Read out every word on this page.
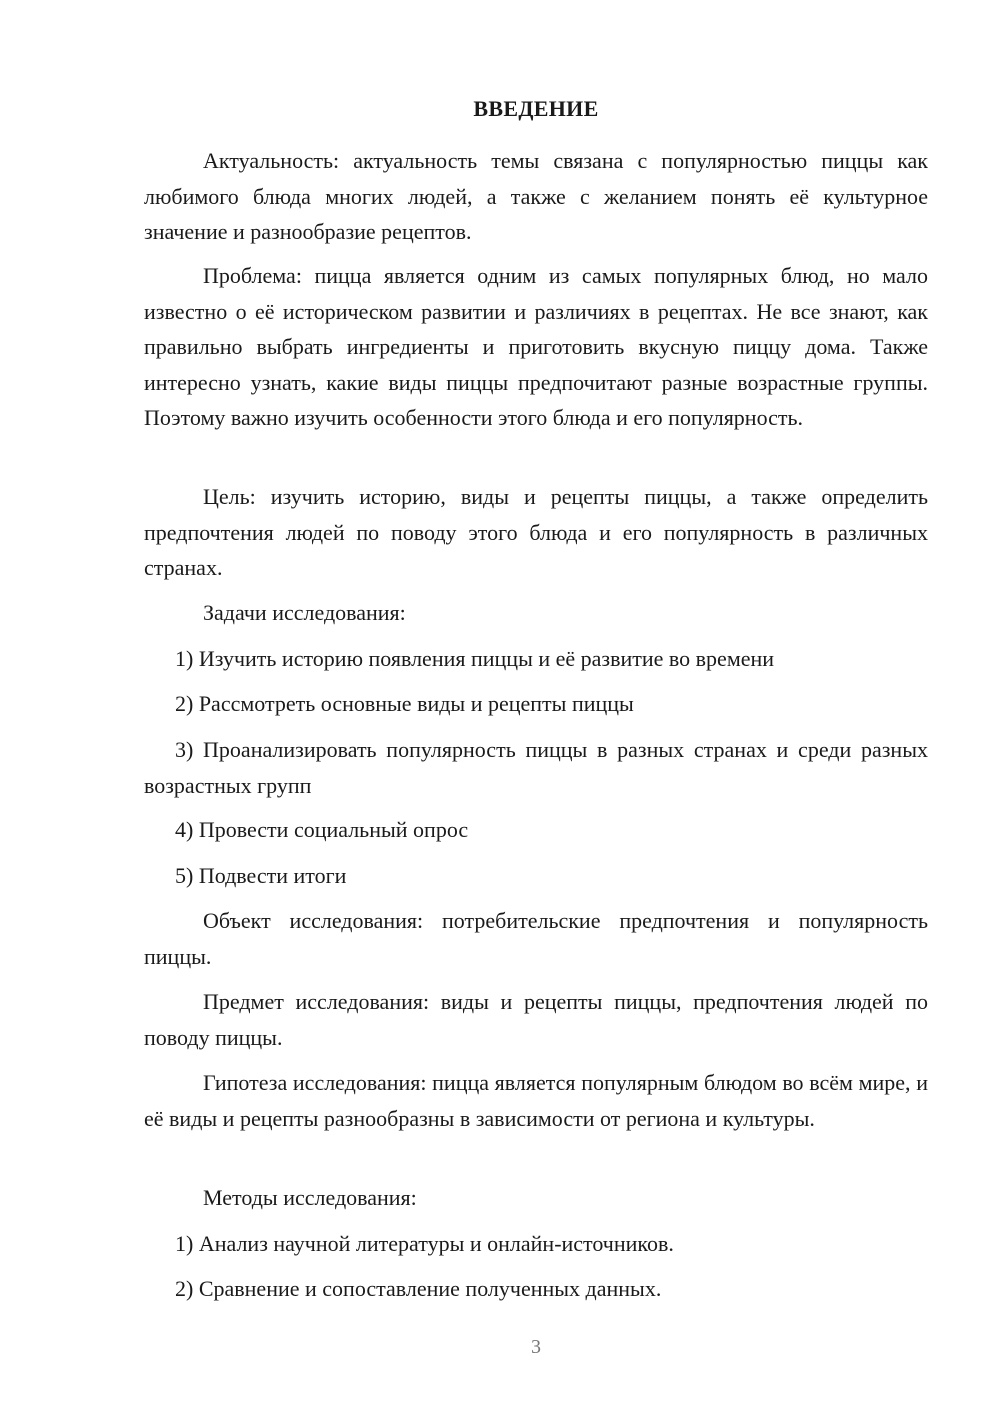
ВВЕДЕНИЕ

Актуальность: актуальность темы связана с популярностью пиццы как любимого блюда многих людей, а также с желанием понять её культурное значение и разнообразие рецептов.

Проблема: пицца является одним из самых популярных блюд, но мало известно о её историческом развитии и различиях в рецептах. Не все знают, как правильно выбрать ингредиенты и приготовить вкусную пиццу дома. Также интересно узнать, какие виды пиццы предпочитают разные возрастные группы. Поэтому важно изучить особенности этого блюда и его популярность.

Цель: изучить историю, виды и рецепты пиццы, а также определить предпочтения людей по поводу этого блюда и его популярность в различных странах.

Задачи исследования:

1) Изучить историю появления пиццы и её развитие во времени

2) Рассмотреть основные виды и рецепты пиццы

3) Проанализировать популярность пиццы в разных странах и среди разных возрастных групп

4) Провести социальный опрос

5) Подвести итоги

Объект исследования: потребительские предпочтения и популярность пиццы.

Предмет исследования: виды и рецепты пиццы, предпочтения людей по поводу пиццы.

Гипотеза исследования: пицца является популярным блюдом во всём мире, и её виды и рецепты разнообразны в зависимости от региона и культуры.

Методы исследования:

1) Анализ научной литературы и онлайн-источников.

2) Сравнение и сопоставление полученных данных.

3
